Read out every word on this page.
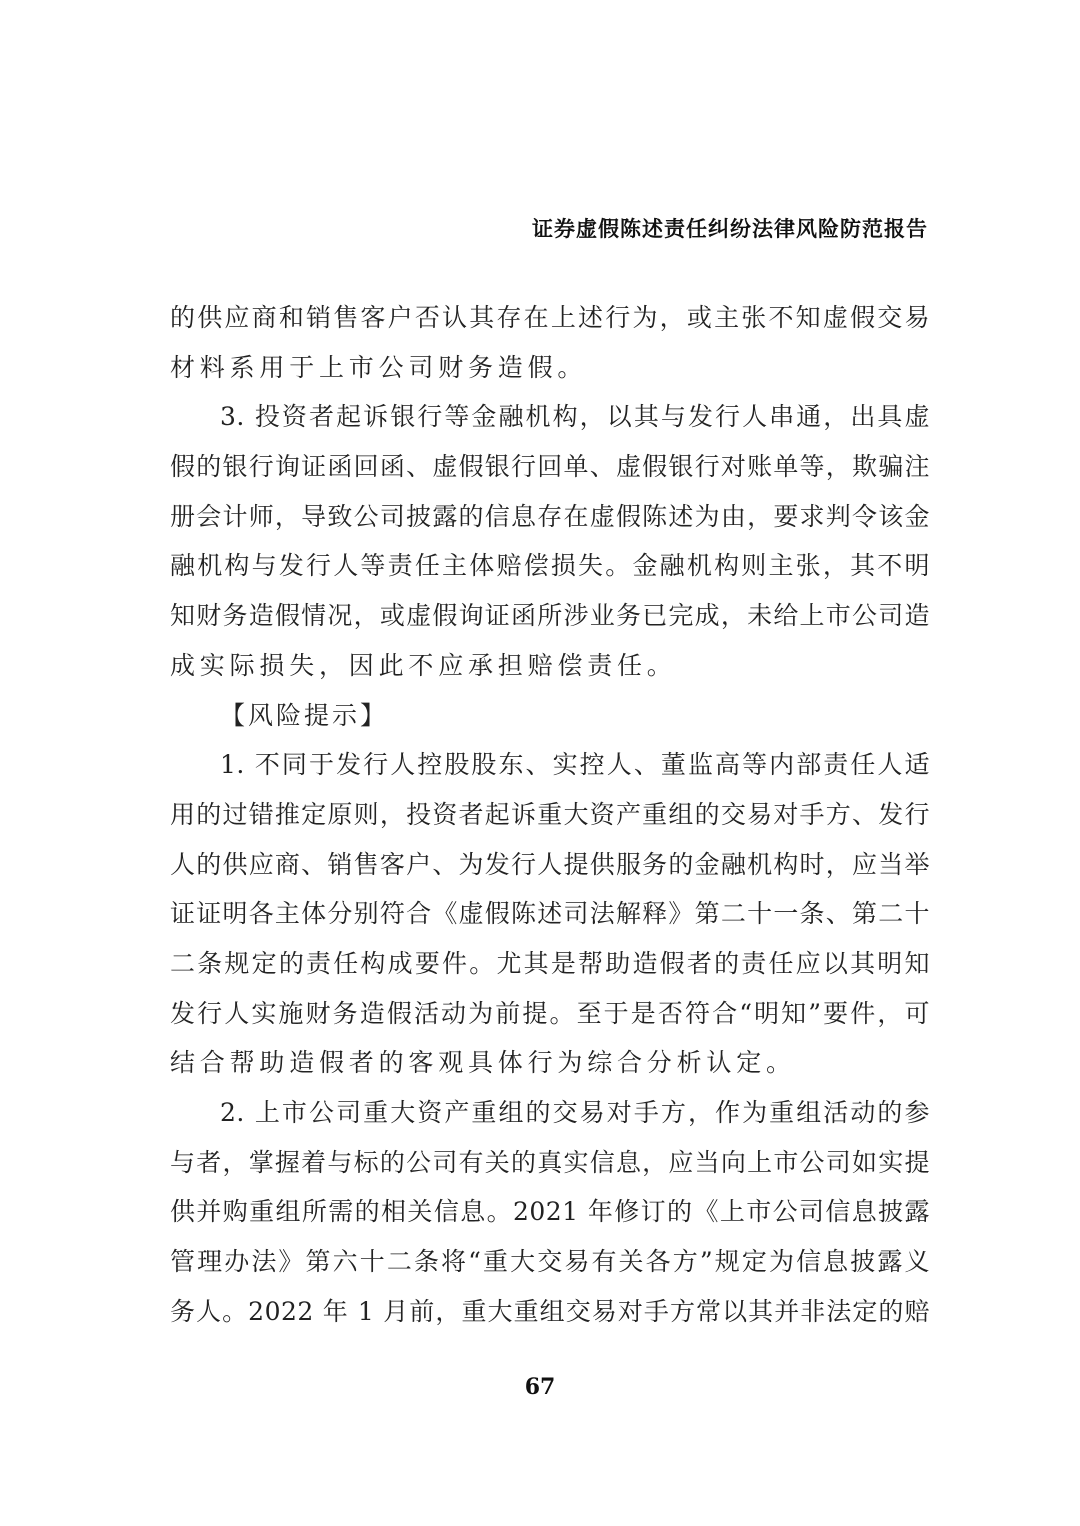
证券虚假陈述责任纠纷法律风险防范报告
的供应商和销售客户否认其存在上述行为，或主张不知虚假交易
材料系用于上市公司财务造假。
3. 投资者起诉银行等金融机构，以其与发行人串通，出具虚
假的银行询证函回函、虚假银行回单、虚假银行对账单等，欺骗注
册会计师，导致公司披露的信息存在虚假陈述为由，要求判令该金
融机构与发行人等责任主体赔偿损失。金融机构则主张，其不明
知财务造假情况，或虚假询证函所涉业务已完成，未给上市公司造
成实际损失，因此不应承担赔偿责任。
【风险提示】
1. 不同于发行人控股股东、实控人、董监高等内部责任人适
用的过错推定原则，投资者起诉重大资产重组的交易对手方、发行
人的供应商、销售客户、为发行人提供服务的金融机构时，应当举
证证明各主体分别符合《虚假陈述司法解释》第二十一条、第二十
二条规定的责任构成要件。尤其是帮助造假者的责任应以其明知
发行人实施财务造假活动为前提。至于是否符合“明知”要件，可
结合帮助造假者的客观具体行为综合分析认定。
2. 上市公司重大资产重组的交易对手方，作为重组活动的参
与者，掌握着与标的公司有关的真实信息，应当向上市公司如实提
供并购重组所需的相关信息。2021 年修订的《上市公司信息披露
管理办法》第六十二条将“重大交易有关各方”规定为信息披露义
务人。2022 年 1 月前，重大重组交易对手方常以其并非法定的赔
67
